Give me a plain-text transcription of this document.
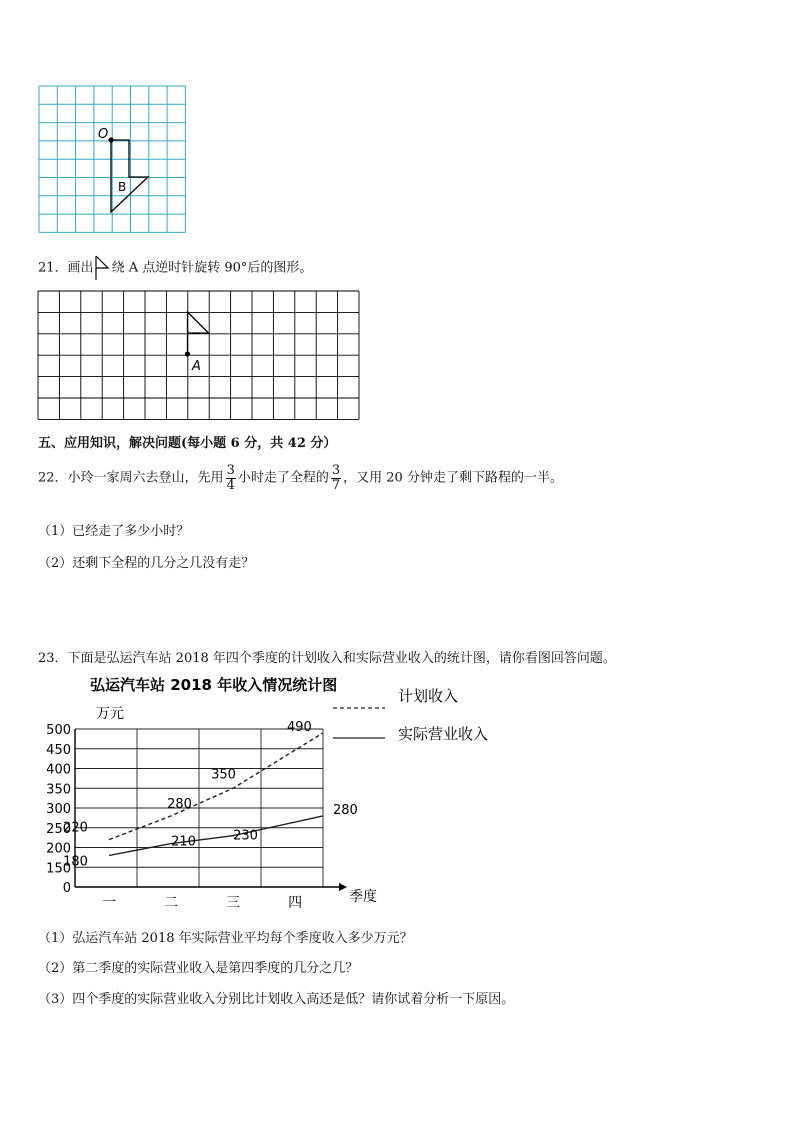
O
B
21．画出 绕 A 点逆时针旋转 90°后的图形。
A
五、应用知识，解决问题(每小题 6 分，共 42 分）
22．小玲一家周六去登山，先用 $\frac{3}{4}$ 小时走了全程的 $\frac{3}{7}$ ，又用 20 分钟走了剩下路程的一半。
（1）已经走了多少小时？
（2）还剩下全程的几分之几没有走？
23．下面是弘运汽车站 2018 年四个季度的计划收入和实际营业收入的统计图，请你看图回答问题。
弘运汽车站 2018 年收入情况统计图
万元
计划收入
实际营业收入
季度
220
280
350
490
180
210	230
280
0
150
200
250
300
350
400
450
500
一	二	三	四
（1）弘运汽车站 2018 年实际营业平均每个季度收入多少万元？
（2）第二季度的实际营业收入是第四季度的几分之几？
（3）四个季度的实际营业收入分别比计划收入高还是低？请你试着分析一下原因。
